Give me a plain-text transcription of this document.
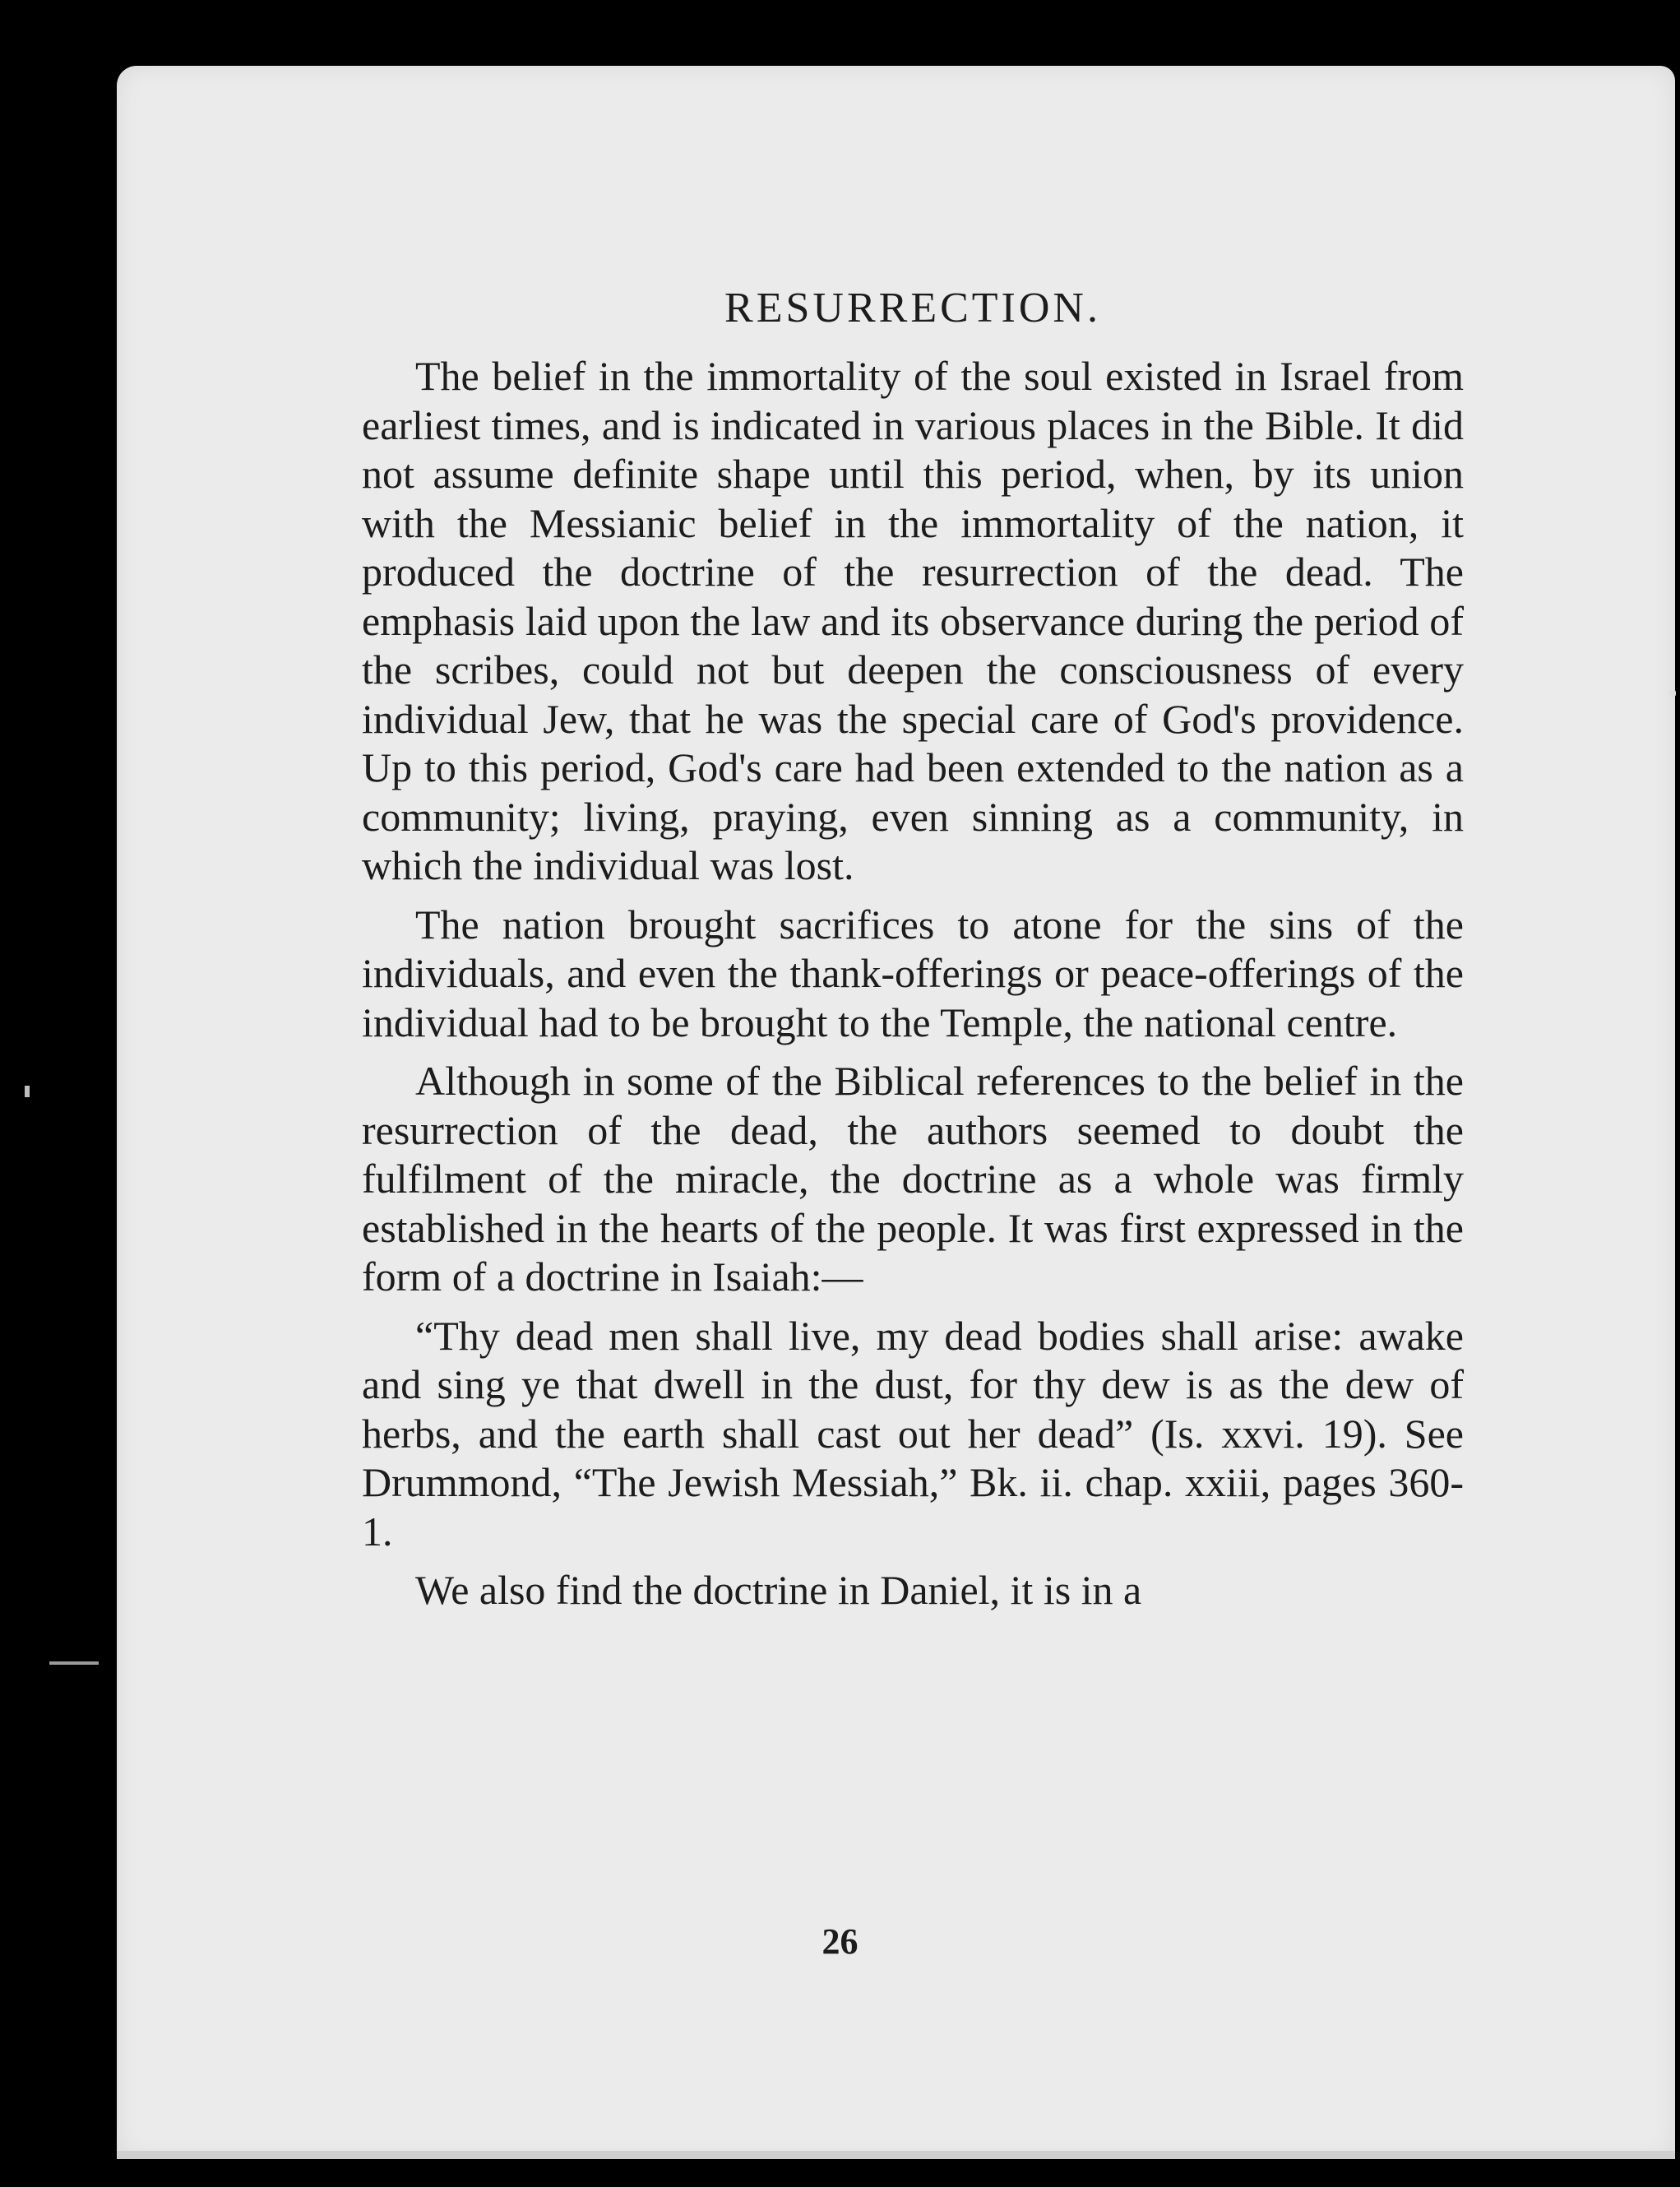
RESURRECTION.

The belief in the immortality of the soul existed in Israel from earliest times, and is indicated in various places in the Bible. It did not assume definite shape until this period, when, by its union with the Messianic belief in the immortality of the nation, it produced the doctrine of the resurrection of the dead. The emphasis laid upon the law and its observance during the period of the scribes, could not but deepen the consciousness of every individual Jew, that he was the special care of God's providence. Up to this period, God's care had been extended to the nation as a community; living, praying, even sinning as a community, in which the individual was lost.

The nation brought sacrifices to atone for the sins of the individuals, and even the thank-offerings or peace-offerings of the individual had to be brought to the Temple, the national centre.

Although in some of the Biblical references to the belief in the resurrection of the dead, the authors seemed to doubt the fulfilment of the miracle, the doctrine as a whole was firmly established in the hearts of the people. It was first expressed in the form of a doctrine in Isaiah:—

“Thy dead men shall live, my dead bodies shall arise: awake and sing ye that dwell in the dust, for thy dew is as the dew of herbs, and the earth shall cast out her dead” (Is. xxvi. 19). See Drummond, “The Jewish Messiah,” Bk. ii. chap. xxiii, pages 360-1.

We also find the doctrine in Daniel, it is in a

26
